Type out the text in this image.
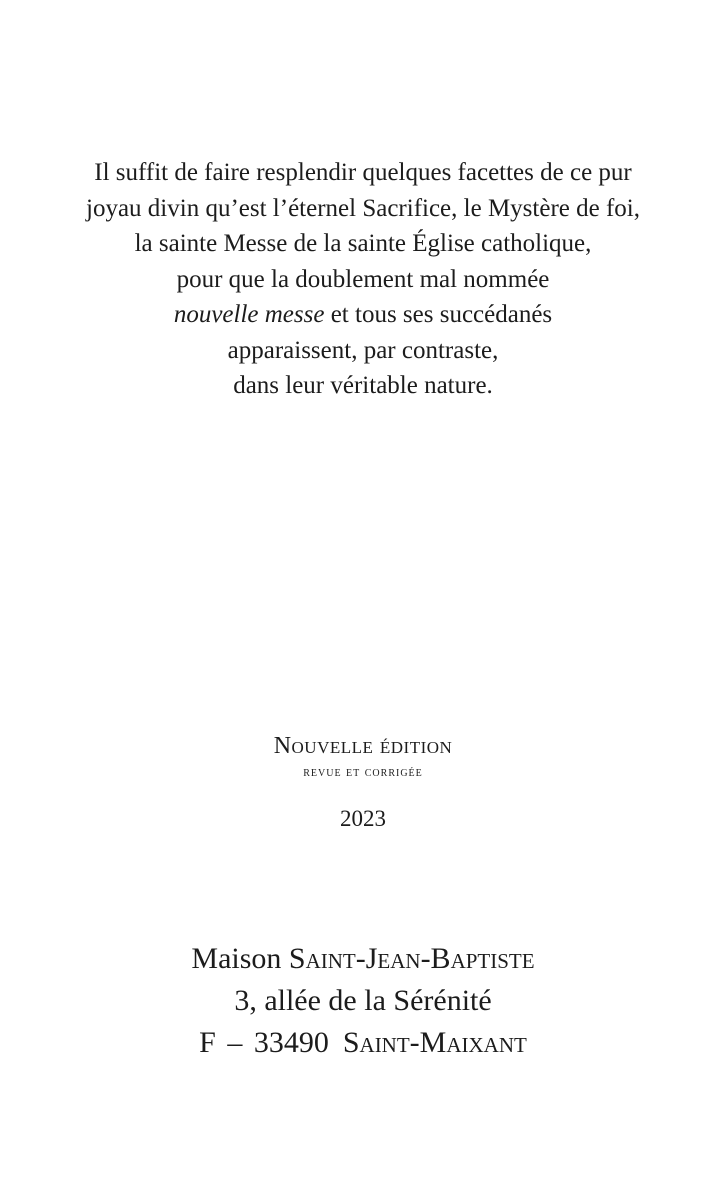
Il suffit de faire resplendir quelques facettes de ce pur
joyau divin qu’est l’éternel Sacrifice, le Mystère de foi,
la sainte Messe de la sainte Église catholique,
pour que la doublement mal nommée
nouvelle messe et tous ses succédanés
apparaissent, par contraste,
dans leur véritable nature.
Nouvelle édition
revue et corrigée
2023
Maison Saint-Jean-Baptiste
3, allée de la Sérénité
F – 33490 Saint-Maixant
